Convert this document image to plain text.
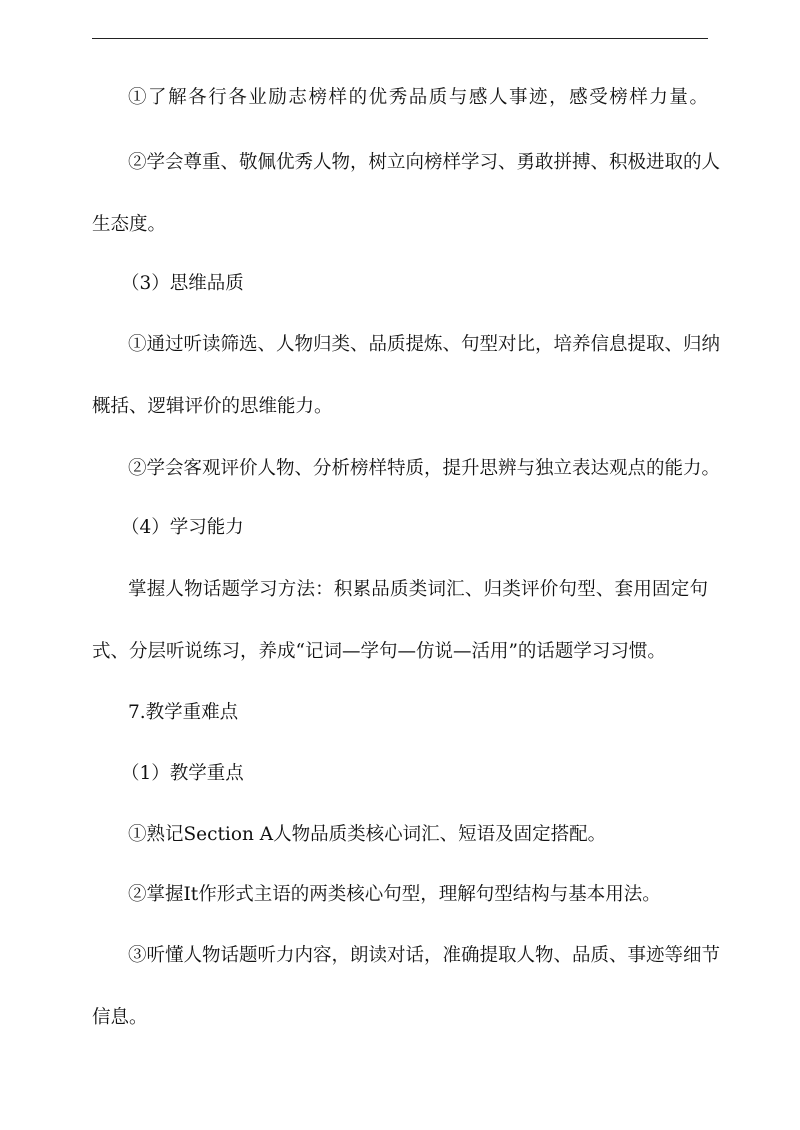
①了解各行各业励志榜样的优秀品质与感人事迹，感受榜样力量。
②学会尊重、敬佩优秀人物，树立向榜样学习、勇敢拼搏、积极进取的人
生态度。
（3）思维品质
①通过听读筛选、人物归类、品质提炼、句型对比，培养信息提取、归纳
概括、逻辑评价的思维能力。
②学会客观评价人物、分析榜样特质，提升思辨与独立表达观点的能力。
（4）学习能力
掌握人物话题学习方法：积累品质类词汇、归类评价句型、套用固定句
式、分层听说练习，养成“记词—学句—仿说—活用”的话题学习习惯。
7.教学重难点
（1）教学重点
①熟记Section A人物品质类核心词汇、短语及固定搭配。
②掌握It作形式主语的两类核心句型，理解句型结构与基本用法。
③听懂人物话题听力内容，朗读对话，准确提取人物、品质、事迹等细节
信息。
